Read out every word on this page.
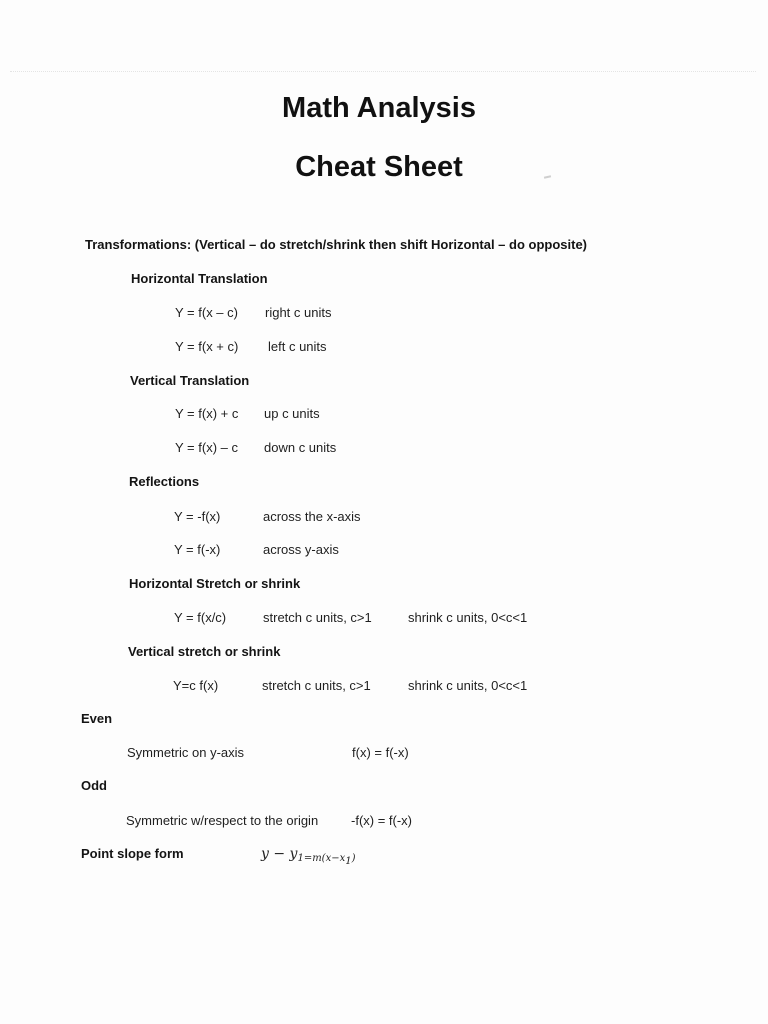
Math Analysis
Cheat Sheet
Transformations: (Vertical – do stretch/shrink then shift Horizontal – do opposite)
Horizontal Translation
Y = f(x – c) right c units
Y = f(x + c) left c units
Vertical Translation
Y = f(x) + c up c units
Y = f(x) – c down c units
Reflections
Y = -f(x)	across the x-axis
Y = f(-x)	across y-axis
Horizontal Stretch or shrink
Y = f(x/c)	stretch c units, c>1	shrink c units, 0<c<1
Vertical stretch or shrink
Y=c f(x)	stretch c units, c>1	shrink c units, 0<c<1
Even
Symmetric on y-axis	f(x) = f(-x)
Odd
Symmetric w/respect to the origin	-f(x) = f(-x)
Point slope form	$y - y_{1=m(x-x1)}$
